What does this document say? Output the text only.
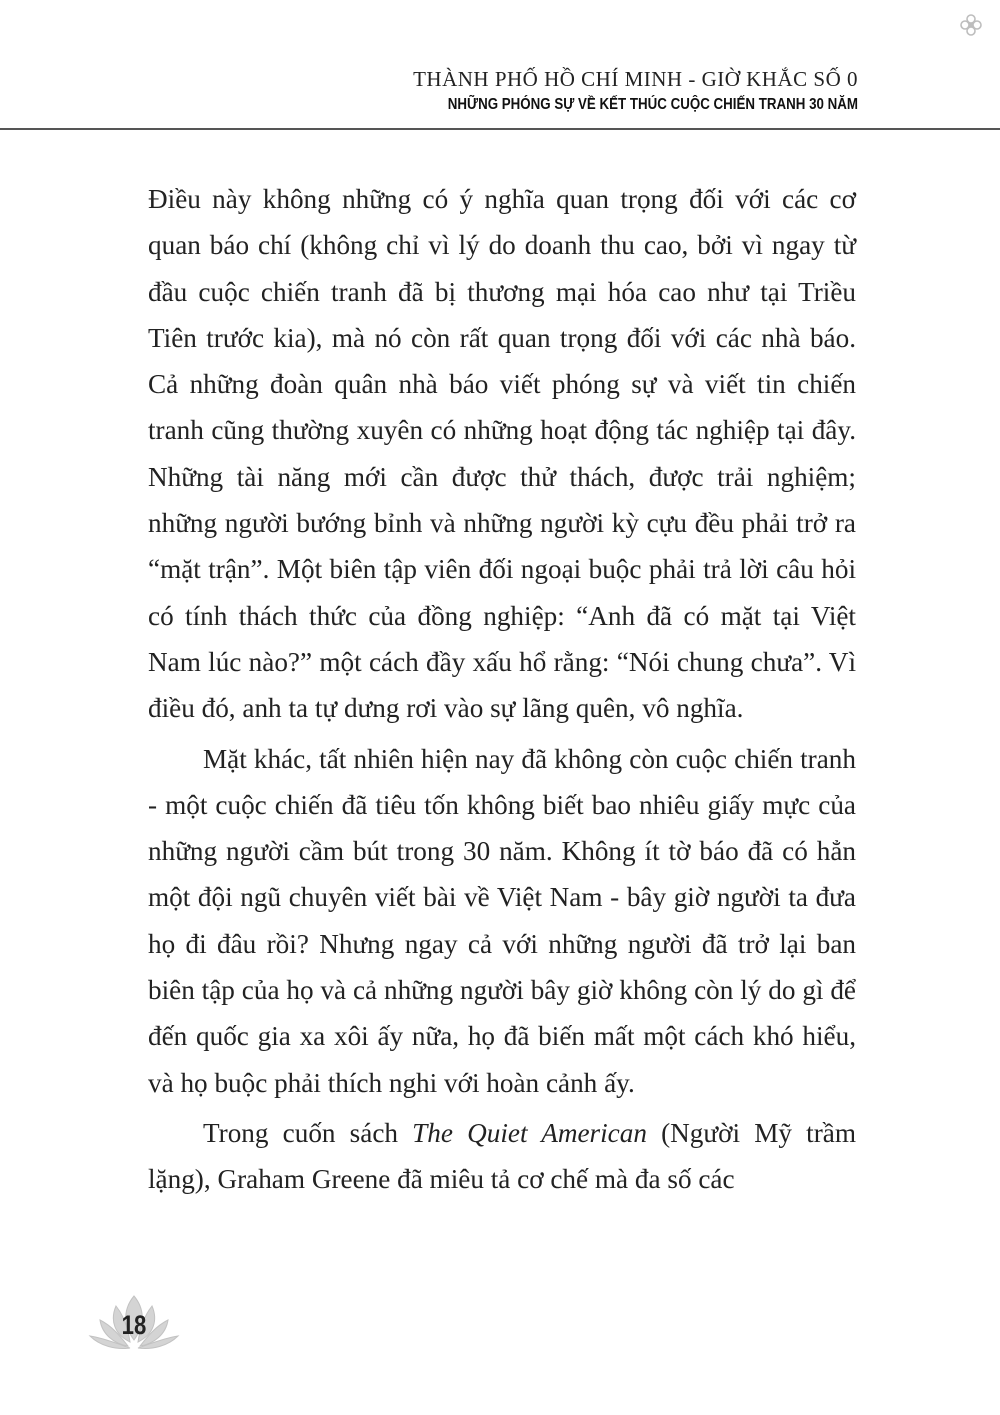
THÀNH PHỐ HỒ CHÍ MINH - GIỜ KHẮC SỐ 0
NHỮNG PHÓNG SỰ VỀ KẾT THÚC CUỘC CHIẾN TRANH 30 NĂM

Điều này không những có ý nghĩa quan trọng đối với các cơ quan báo chí (không chỉ vì lý do doanh thu cao, bởi vì ngay từ đầu cuộc chiến tranh đã bị thương mại hóa cao như tại Triều Tiên trước kia), mà nó còn rất quan trọng đối với các nhà báo. Cả những đoàn quân nhà báo viết phóng sự và viết tin chiến tranh cũng thường xuyên có những hoạt động tác nghiệp tại đây. Những tài năng mới cần được thử thách, được trải nghiệm; những người bướng bỉnh và những người kỳ cựu đều phải trở ra “mặt trận”. Một biên tập viên đối ngoại buộc phải trả lời câu hỏi có tính thách thức của đồng nghiệp: “Anh đã có mặt tại Việt Nam lúc nào?” một cách đầy xấu hổ rằng: “Nói chung chưa”. Vì điều đó, anh ta tự dưng rơi vào sự lãng quên, vô nghĩa.

Mặt khác, tất nhiên hiện nay đã không còn cuộc chiến tranh - một cuộc chiến đã tiêu tốn không biết bao nhiêu giấy mực của những người cầm bút trong 30 năm. Không ít tờ báo đã có hẳn một đội ngũ chuyên viết bài về Việt Nam - bây giờ người ta đưa họ đi đâu rồi? Nhưng ngay cả với những người đã trở lại ban biên tập của họ và cả những người bây giờ không còn lý do gì để đến quốc gia xa xôi ấy nữa, họ đã biến mất một cách khó hiểu, và họ buộc phải thích nghi với hoàn cảnh ấy.

Trong cuốn sách The Quiet American (Người Mỹ trầm lặng), Graham Greene đã miêu tả cơ chế mà đa số các

18
